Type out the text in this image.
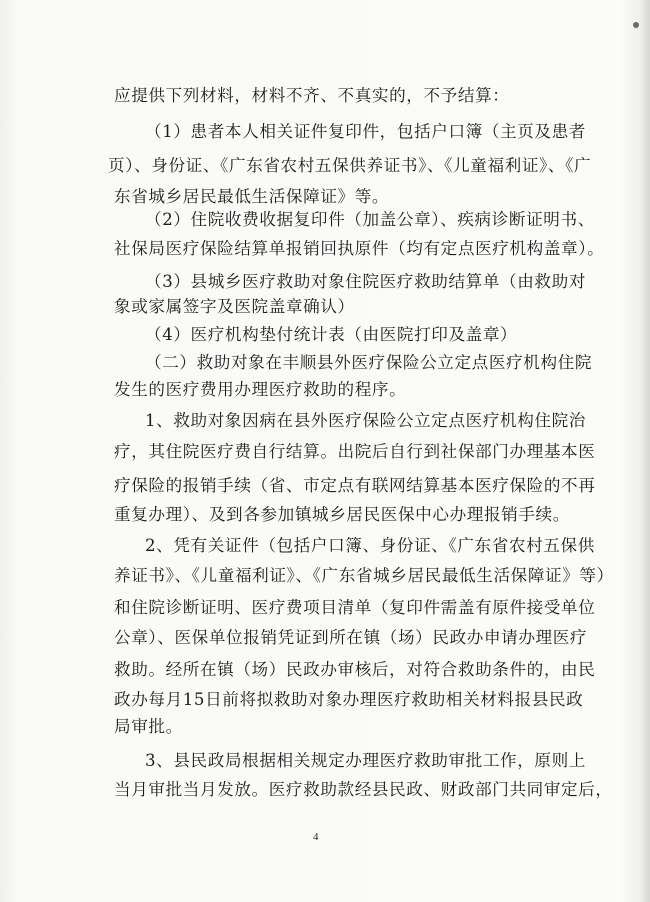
应提供下列材料，材料不齐、不真实的，不予结算：
（1）患者本人相关证件复印件，包括户口簿（主页及患者
页）、身份证、《广东省农村五保供养证书》、《儿童福利证》、《广
东省城乡居民最低生活保障证》等。
（2）住院收费收据复印件（加盖公章）、疾病诊断证明书、
社保局医疗保险结算单报销回执原件（均有定点医疗机构盖章）。
（3）县城乡医疗救助对象住院医疗救助结算单（由救助对
象或家属签字及医院盖章确认）
（4）医疗机构垫付统计表（由医院打印及盖章）
（二）救助对象在丰顺县外医疗保险公立定点医疗机构住院
发生的医疗费用办理医疗救助的程序。
1、救助对象因病在县外医疗保险公立定点医疗机构住院治
疗，其住院医疗费自行结算。出院后自行到社保部门办理基本医
疗保险的报销手续（省、市定点有联网结算基本医疗保险的不再
重复办理）、及到各参加镇城乡居民医保中心办理报销手续。
2、凭有关证件（包括户口簿、身份证、《广东省农村五保供
养证书》、《儿童福利证》、《广东省城乡居民最低生活保障证》等）
和住院诊断证明、医疗费项目清单（复印件需盖有原件接受单位
公章）、医保单位报销凭证到所在镇（场）民政办申请办理医疗
救助。经所在镇（场）民政办审核后，对符合救助条件的，由民
政办每月15日前将拟救助对象办理医疗救助相关材料报县民政
局审批。
3、县民政局根据相关规定办理医疗救助审批工作，原则上
当月审批当月发放。医疗救助款经县民政、财政部门共同审定后，
4
